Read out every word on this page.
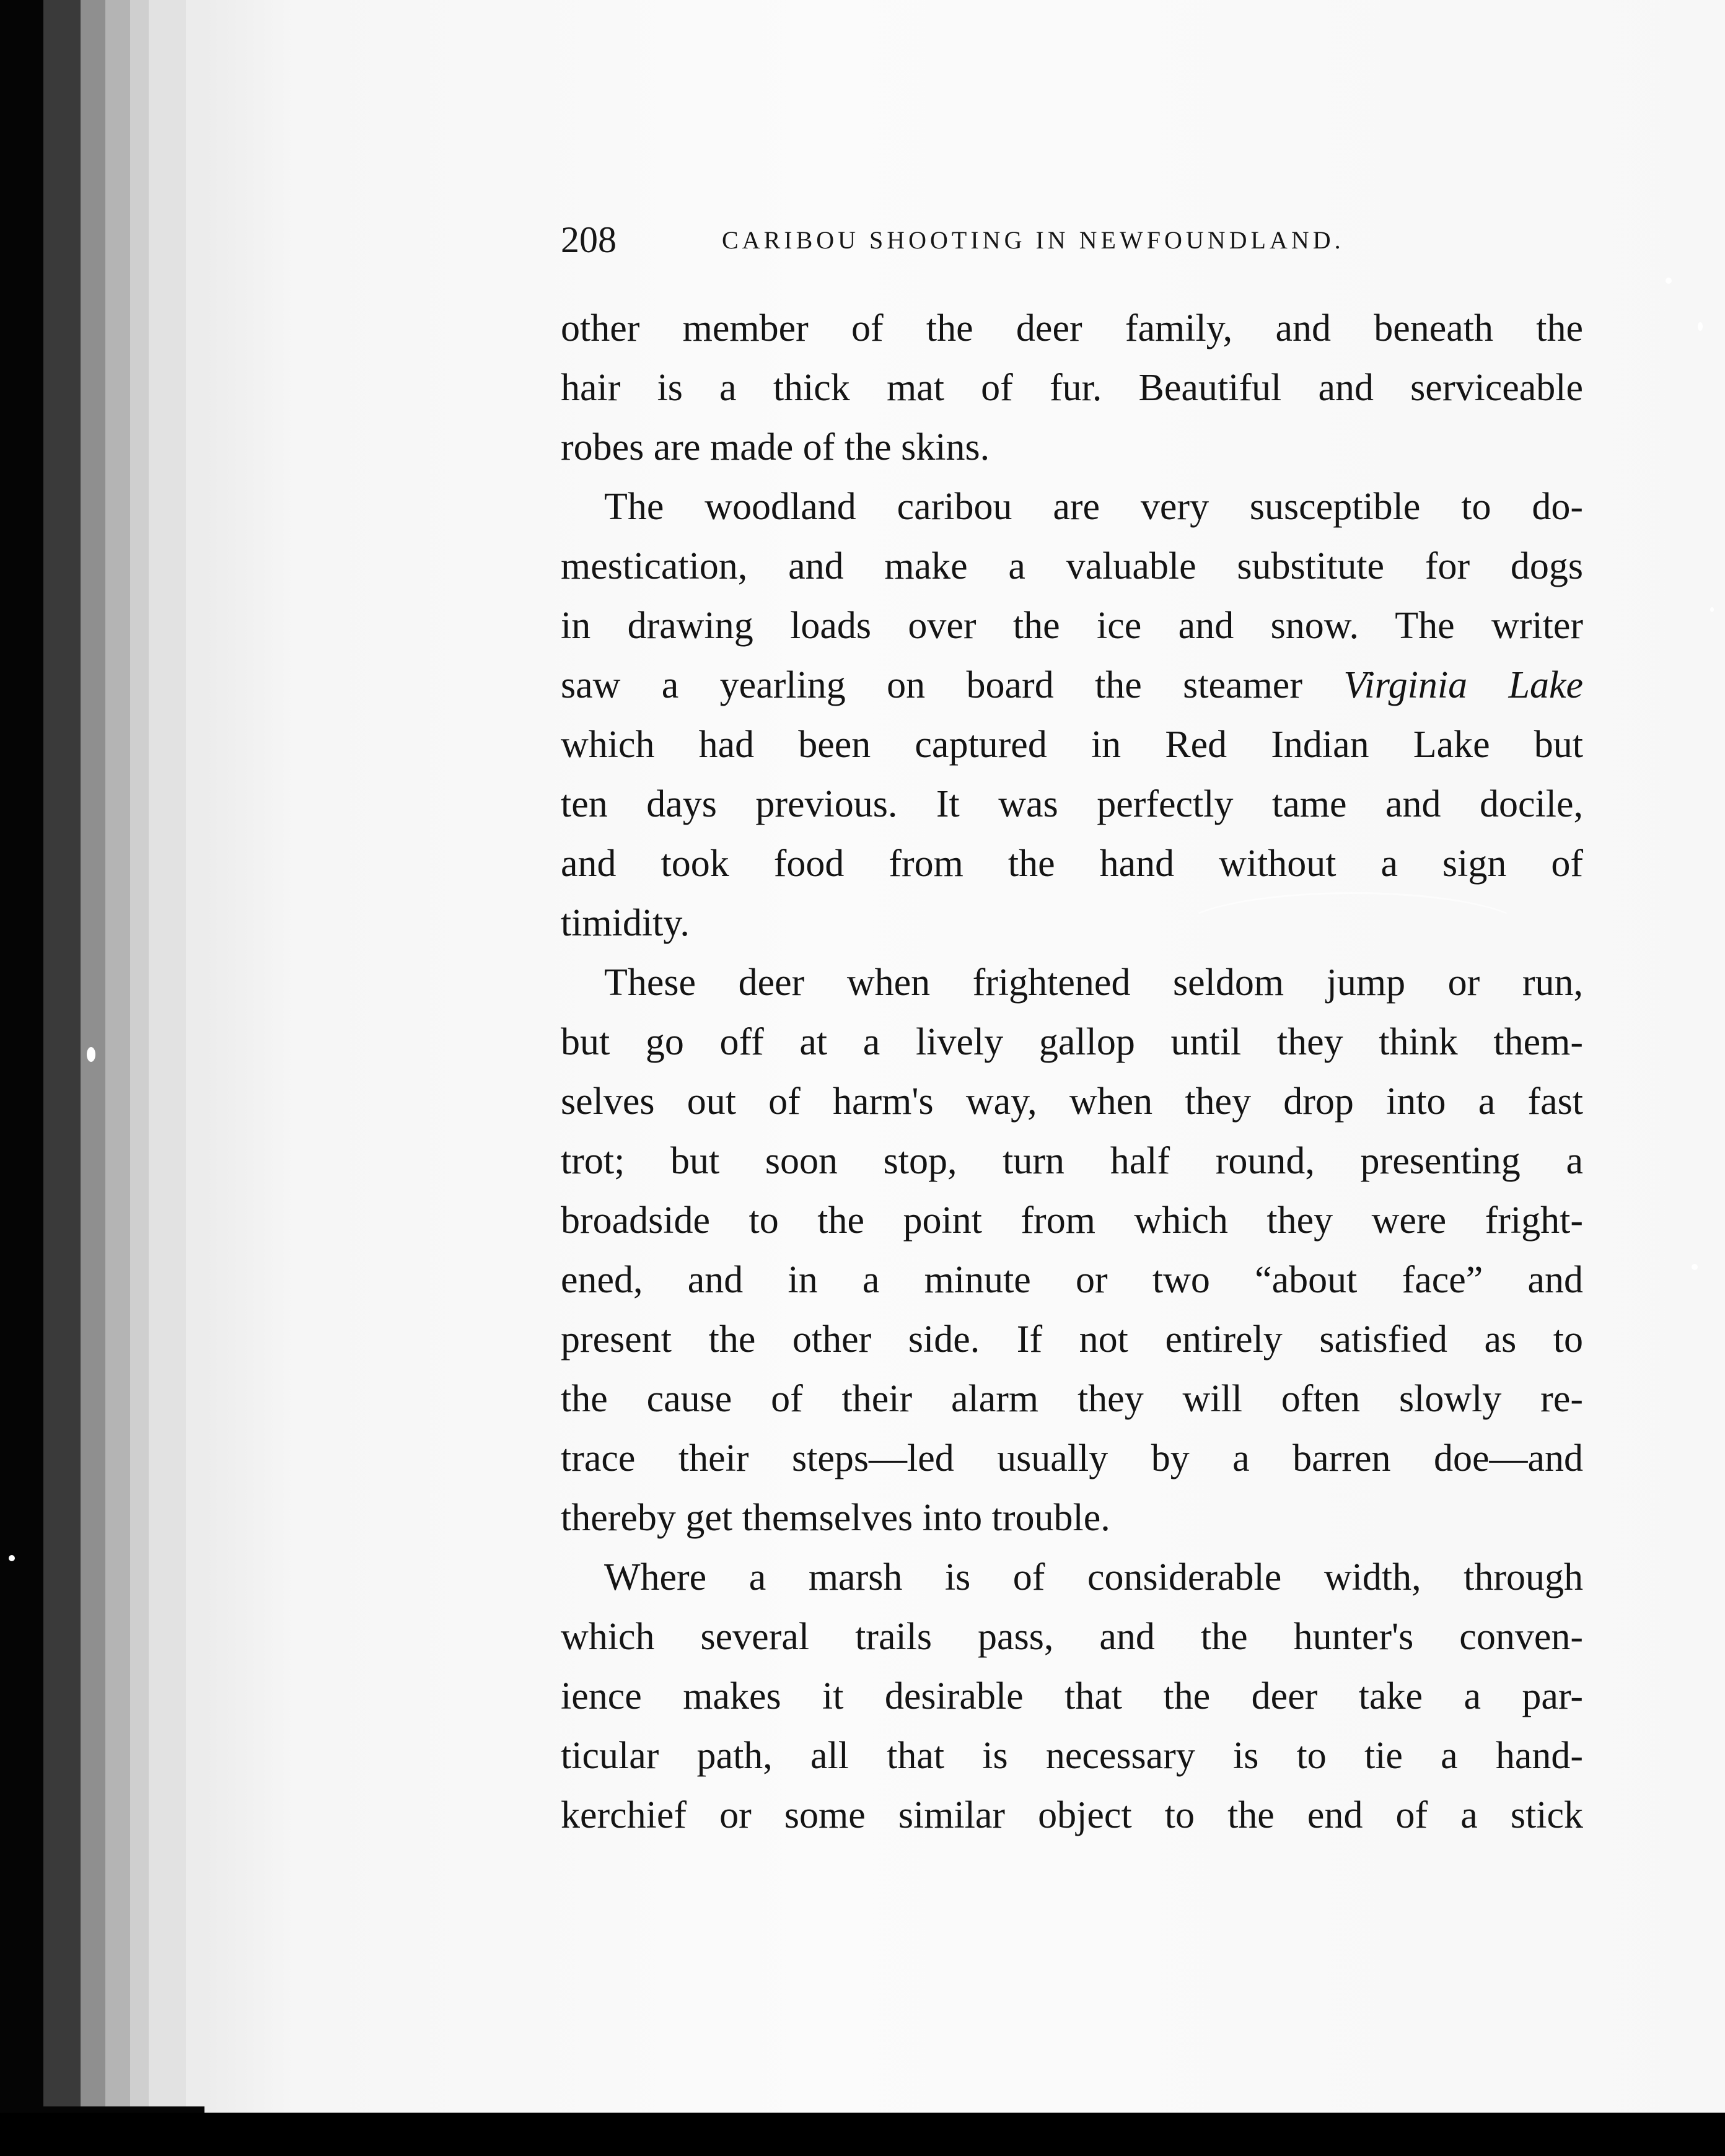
208	CARIBOU SHOOTING IN NEWFOUNDLAND.
other member of the deer family, and beneath the
hair is a thick mat of fur. Beautiful and serviceable
robes are made of the skins.
The woodland caribou are very susceptible to do-
mestication, and make a valuable substitute for dogs
in drawing loads over the ice and snow. The writer
saw a yearling on board the steamer Virginia Lake
which had been captured in Red Indian Lake but
ten days previous. It was perfectly tame and docile,
and took food from the hand without a sign of
timidity.
These deer when frightened seldom jump or run,
but go off at a lively gallop until they think them-
selves out of harm's way, when they drop into a fast
trot; but soon stop, turn half round, presenting a
broadside to the point from which they were fright-
ened, and in a minute or two “about face” and
present the other side. If not entirely satisfied as to
the cause of their alarm they will often slowly re-
trace their steps—led usually by a barren doe—and
thereby get themselves into trouble.
Where a marsh is of considerable width, through
which several trails pass, and the hunter's conven-
ience makes it desirable that the deer take a par-
ticular path, all that is necessary is to tie a hand-
kerchief or some similar object to the end of a stick
